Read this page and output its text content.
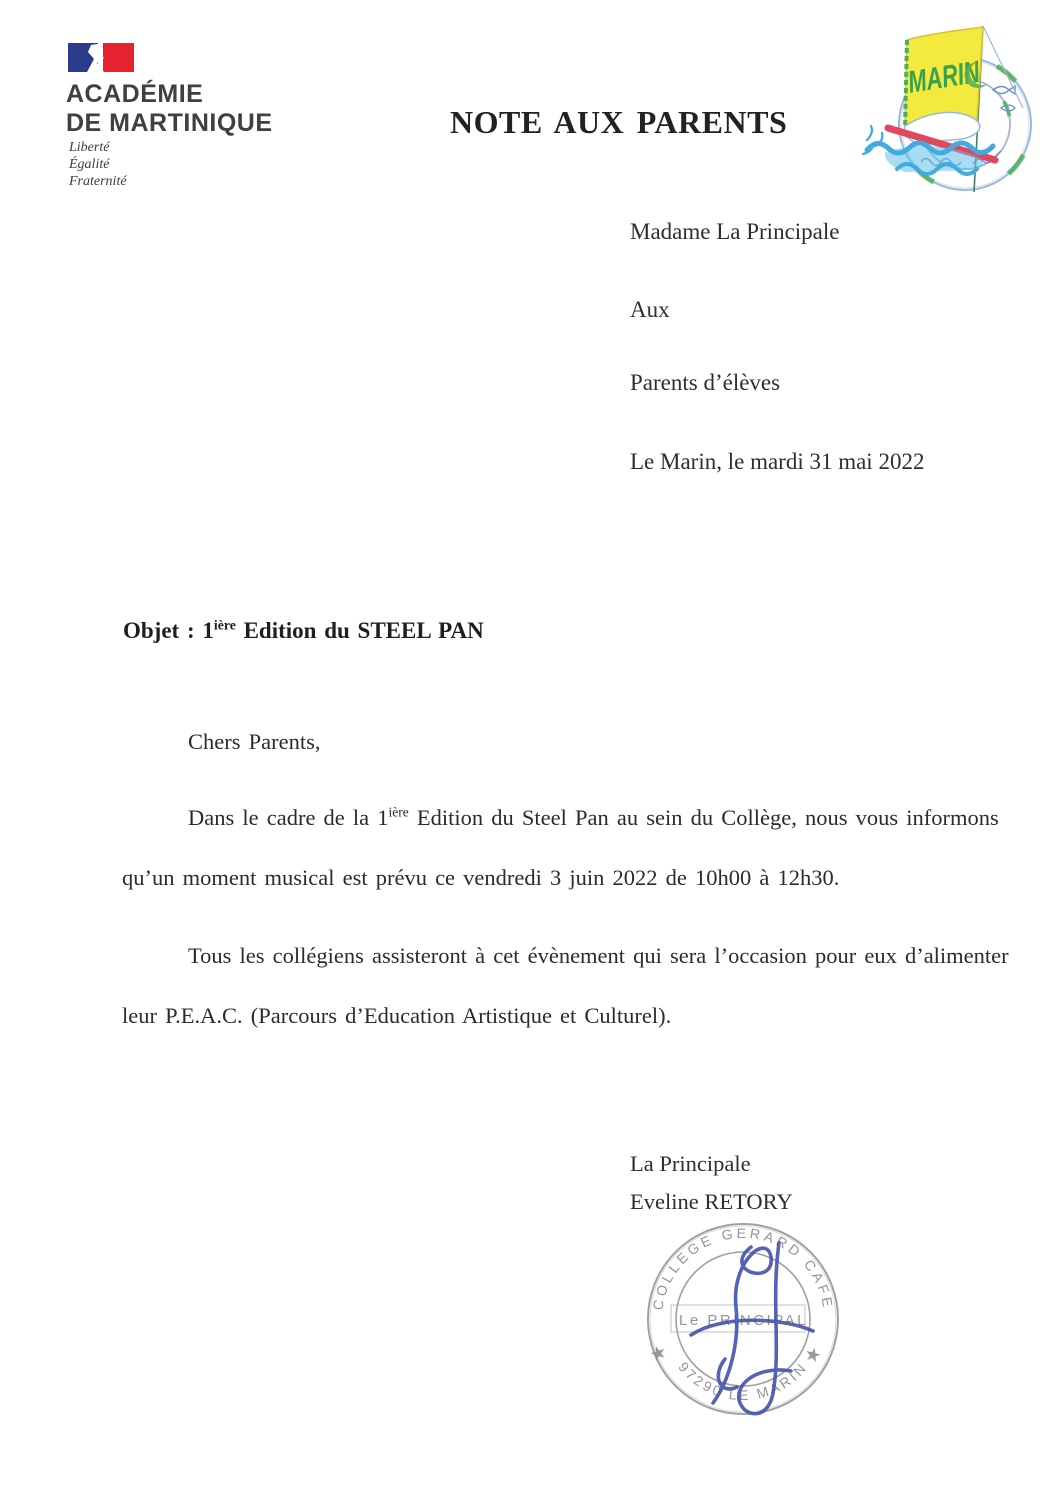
ACADÉMIE
DE MARTINIQUE
Liberté
Égalité
Fraternité
NOTE AUX PARENTS
MARIN
Madame La Principale
Aux
Parents d’élèves
Le Marin, le mardi 31 mai 2022
Objet : $1^{ière}$ Edition du STEEL PAN
Chers Parents,
Dans le cadre de la $1^{ière}$ Edition du Steel Pan au sein du Collège, nous vous informons
qu’un moment musical est prévu ce vendredi 3 juin 2022 de 10h00 à 12h30.
Tous les collégiens assisteront à cet évènement qui sera l’occasion pour eux d’alimenter
leur P.E.A.C. (Parcours d’Education Artistique et Culturel).
La Principale
Eveline RETORY
COLLEGE GERARD CAFE
97290 LE MARIN
★	★
Le PRINCIPAL
